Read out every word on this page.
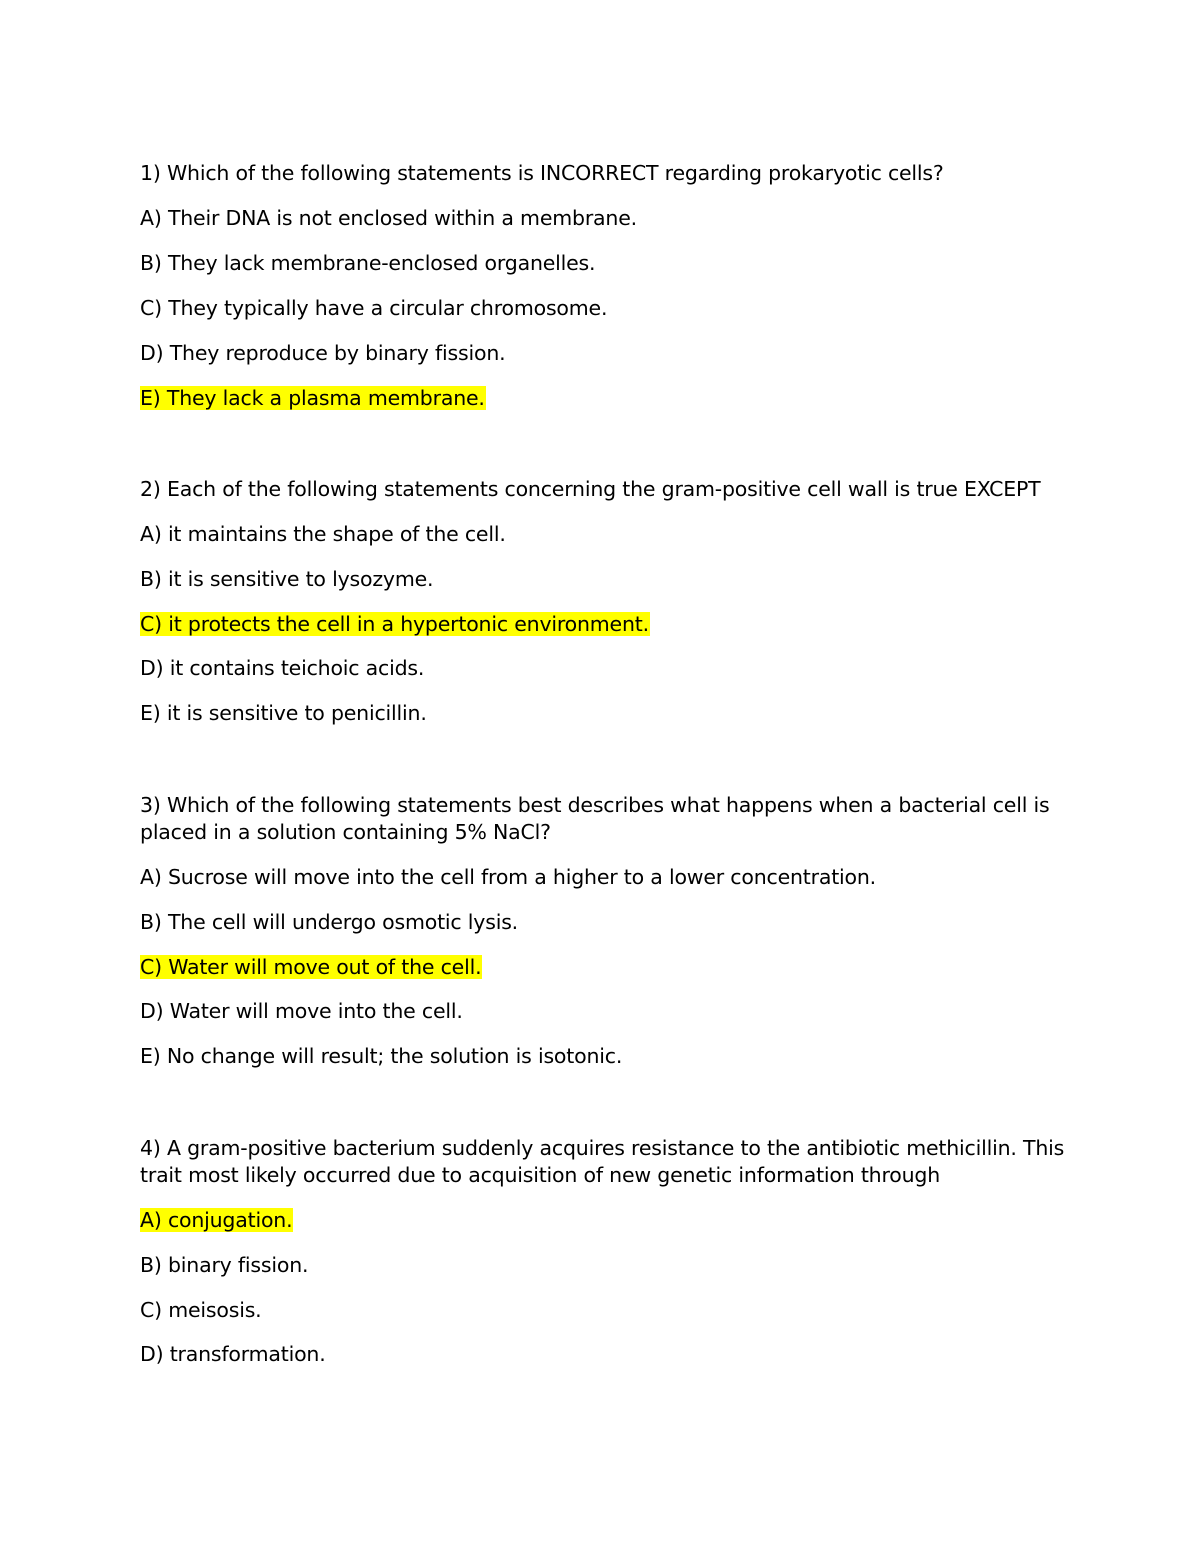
1) Which of the following statements is INCORRECT regarding prokaryotic cells?
A) Their DNA is not enclosed within a membrane.
B) They lack membrane-enclosed organelles.
C) They typically have a circular chromosome.
D) They reproduce by binary fission.
E) They lack a plasma membrane.
2) Each of the following statements concerning the gram-positive cell wall is true EXCEPT
A) it maintains the shape of the cell.
B) it is sensitive to lysozyme.
C) it protects the cell in a hypertonic environment.
D) it contains teichoic acids.
E) it is sensitive to penicillin.
3) Which of the following statements best describes what happens when a bacterial cell is
placed in a solution containing 5% NaCl?
A) Sucrose will move into the cell from a higher to a lower concentration.
B) The cell will undergo osmotic lysis.
C) Water will move out of the cell.
D) Water will move into the cell.
E) No change will result; the solution is isotonic.
4) A gram-positive bacterium suddenly acquires resistance to the antibiotic methicillin. This
trait most likely occurred due to acquisition of new genetic information through
A) conjugation.
B) binary fission.
C) meisosis.
D) transformation.
